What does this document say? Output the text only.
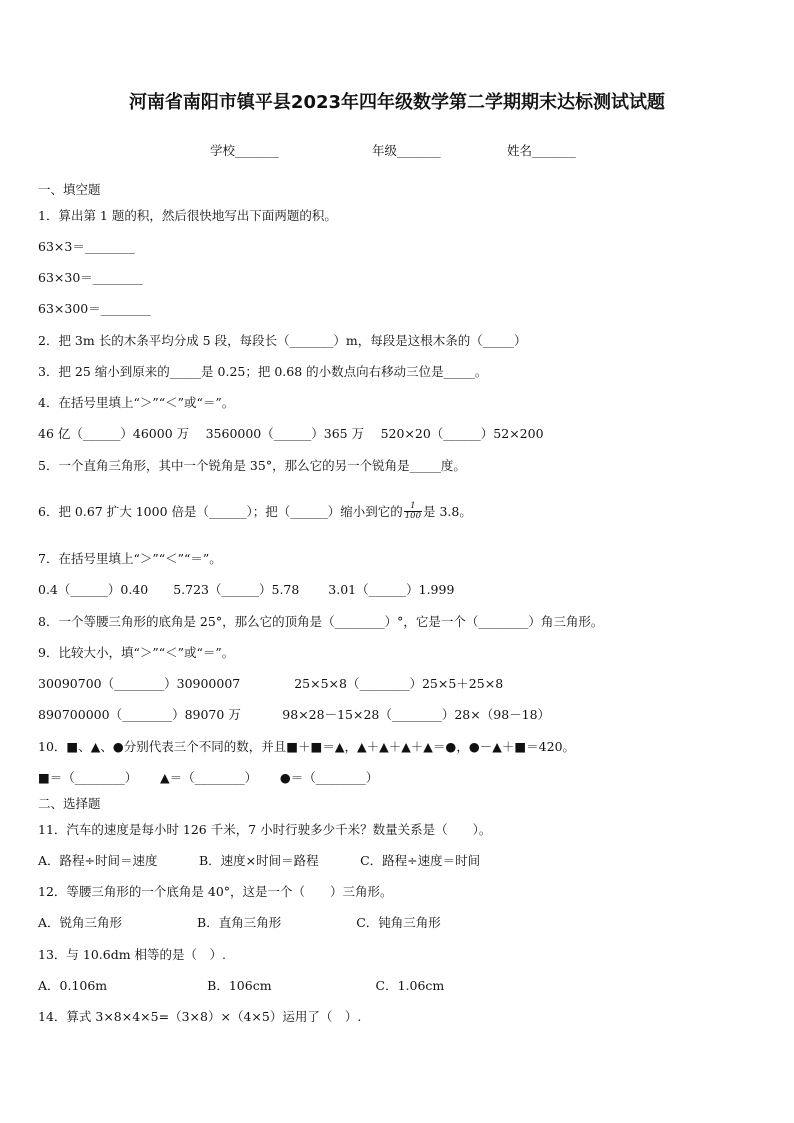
河南省南阳市镇平县2023年四年级数学第二学期期末达标测试试题
学校_______	年级_______	姓名_______
一、填空题
1．算出第 1 题的积，然后很快地写出下面两题的积。
63×3＝________
63×30＝________
63×300＝________
2．把 3m 长的木条平均分成 5 段，每段长（_______）m，每段是这根木条的（_____）
3．把 25 缩小到原来的_____是 0.25；把 0.68 的小数点向右移动三位是_____。
4．在括号里填上“＞”“＜”或“＝”。
46 亿（______）46000 万　 3560000（______）365 万　 520×20（______）52×200
5．一个直角三角形，其中一个锐角是 35°，那么它的另一个锐角是_____度。
6．把 0.67 扩大 1000 倍是（______）；把（______）缩小到它的 $\frac{1}{100}$ 是 3.8。
7．在括号里填上“＞”“＜”“＝”。
0.4（______）0.40　　5.723（______）5.78　　 3.01（______）1.999
8．一个等腰三角形的底角是 25°，那么它的顶角是（________）°，它是一个（________）角三角形。
9．比较大小，填“＞”“＜”或“＝”。
30090700（________）30900007　　　　 25×5×8（________）25×5＋25×8
890700000（________）89070 万　　　 98×28－15×28（________）28×（98－18）
10．■、▲、●分别代表三个不同的数，并且■＋■＝▲，▲＋▲＋▲＋▲＝●，●－▲＋■＝420。
■＝（________）　　 ▲＝（________）　　 ●＝（________）
二、选择题
11．汽车的速度是每小时 126 千米，7 小时行驶多少千米？数量关系是（　　）。
A．路程÷时间＝速度　　　 B．速度×时间＝路程　　　 C．路程÷速度＝时间
12．等腰三角形的一个底角是 40°，这是一个（　　）三角形。
A．锐角三角形　　　　　　B．直角三角形　　　　　　C．钝角三角形
13．与 10.6dm 相等的是（　）.
A．0.106m　　　　　　　　B．106cm　　　　　　　　 C．1.06cm
14．算式 3×8×4×5=（3×8）×（4×5）运用了（　）.
